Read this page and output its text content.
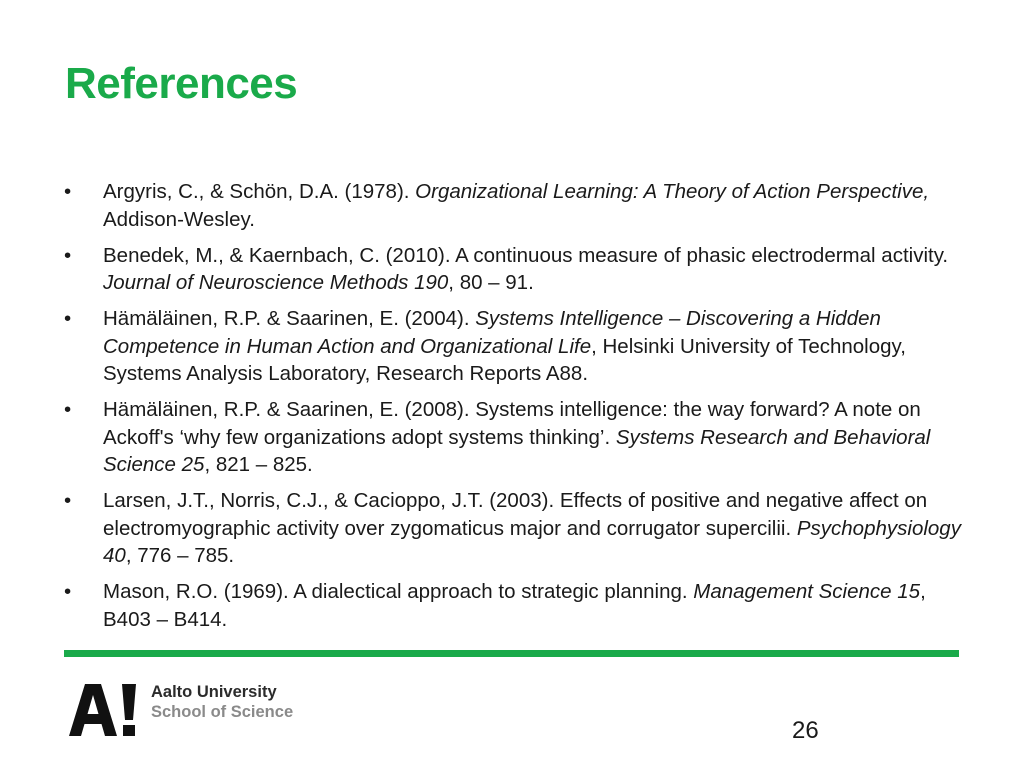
References
•	Argyris, C., & Schön, D.A. (1978). Organizational Learning: A Theory of Action Perspective, Addison-Wesley.
•	Benedek, M., & Kaernbach, C. (2010). A continuous measure of phasic electrodermal activity. Journal of Neuroscience Methods 190, 80 – 91.
•	Hämäläinen, R.P. & Saarinen, E. (2004). Systems Intelligence – Discovering a Hidden Competence in Human Action and Organizational Life, Helsinki University of Technology, Systems Analysis Laboratory, Research Reports A88.
•	Hämäläinen, R.P. & Saarinen, E. (2008). Systems intelligence: the way forward? A note on Ackoff's ‘why few organizations adopt systems thinking’. Systems Research and Behavioral Science 25, 821 – 825.
•	Larsen, J.T., Norris, C.J., & Cacioppo, J.T. (2003). Effects of positive and negative affect on electromyographic activity over zygomaticus major and corrugator supercilii. Psychophysiology 40, 776 – 785.
•	Mason, R.O. (1969). A dialectical approach to strategic planning. Management Science 15, B403 – B414.
Aalto University
School of Science
26
